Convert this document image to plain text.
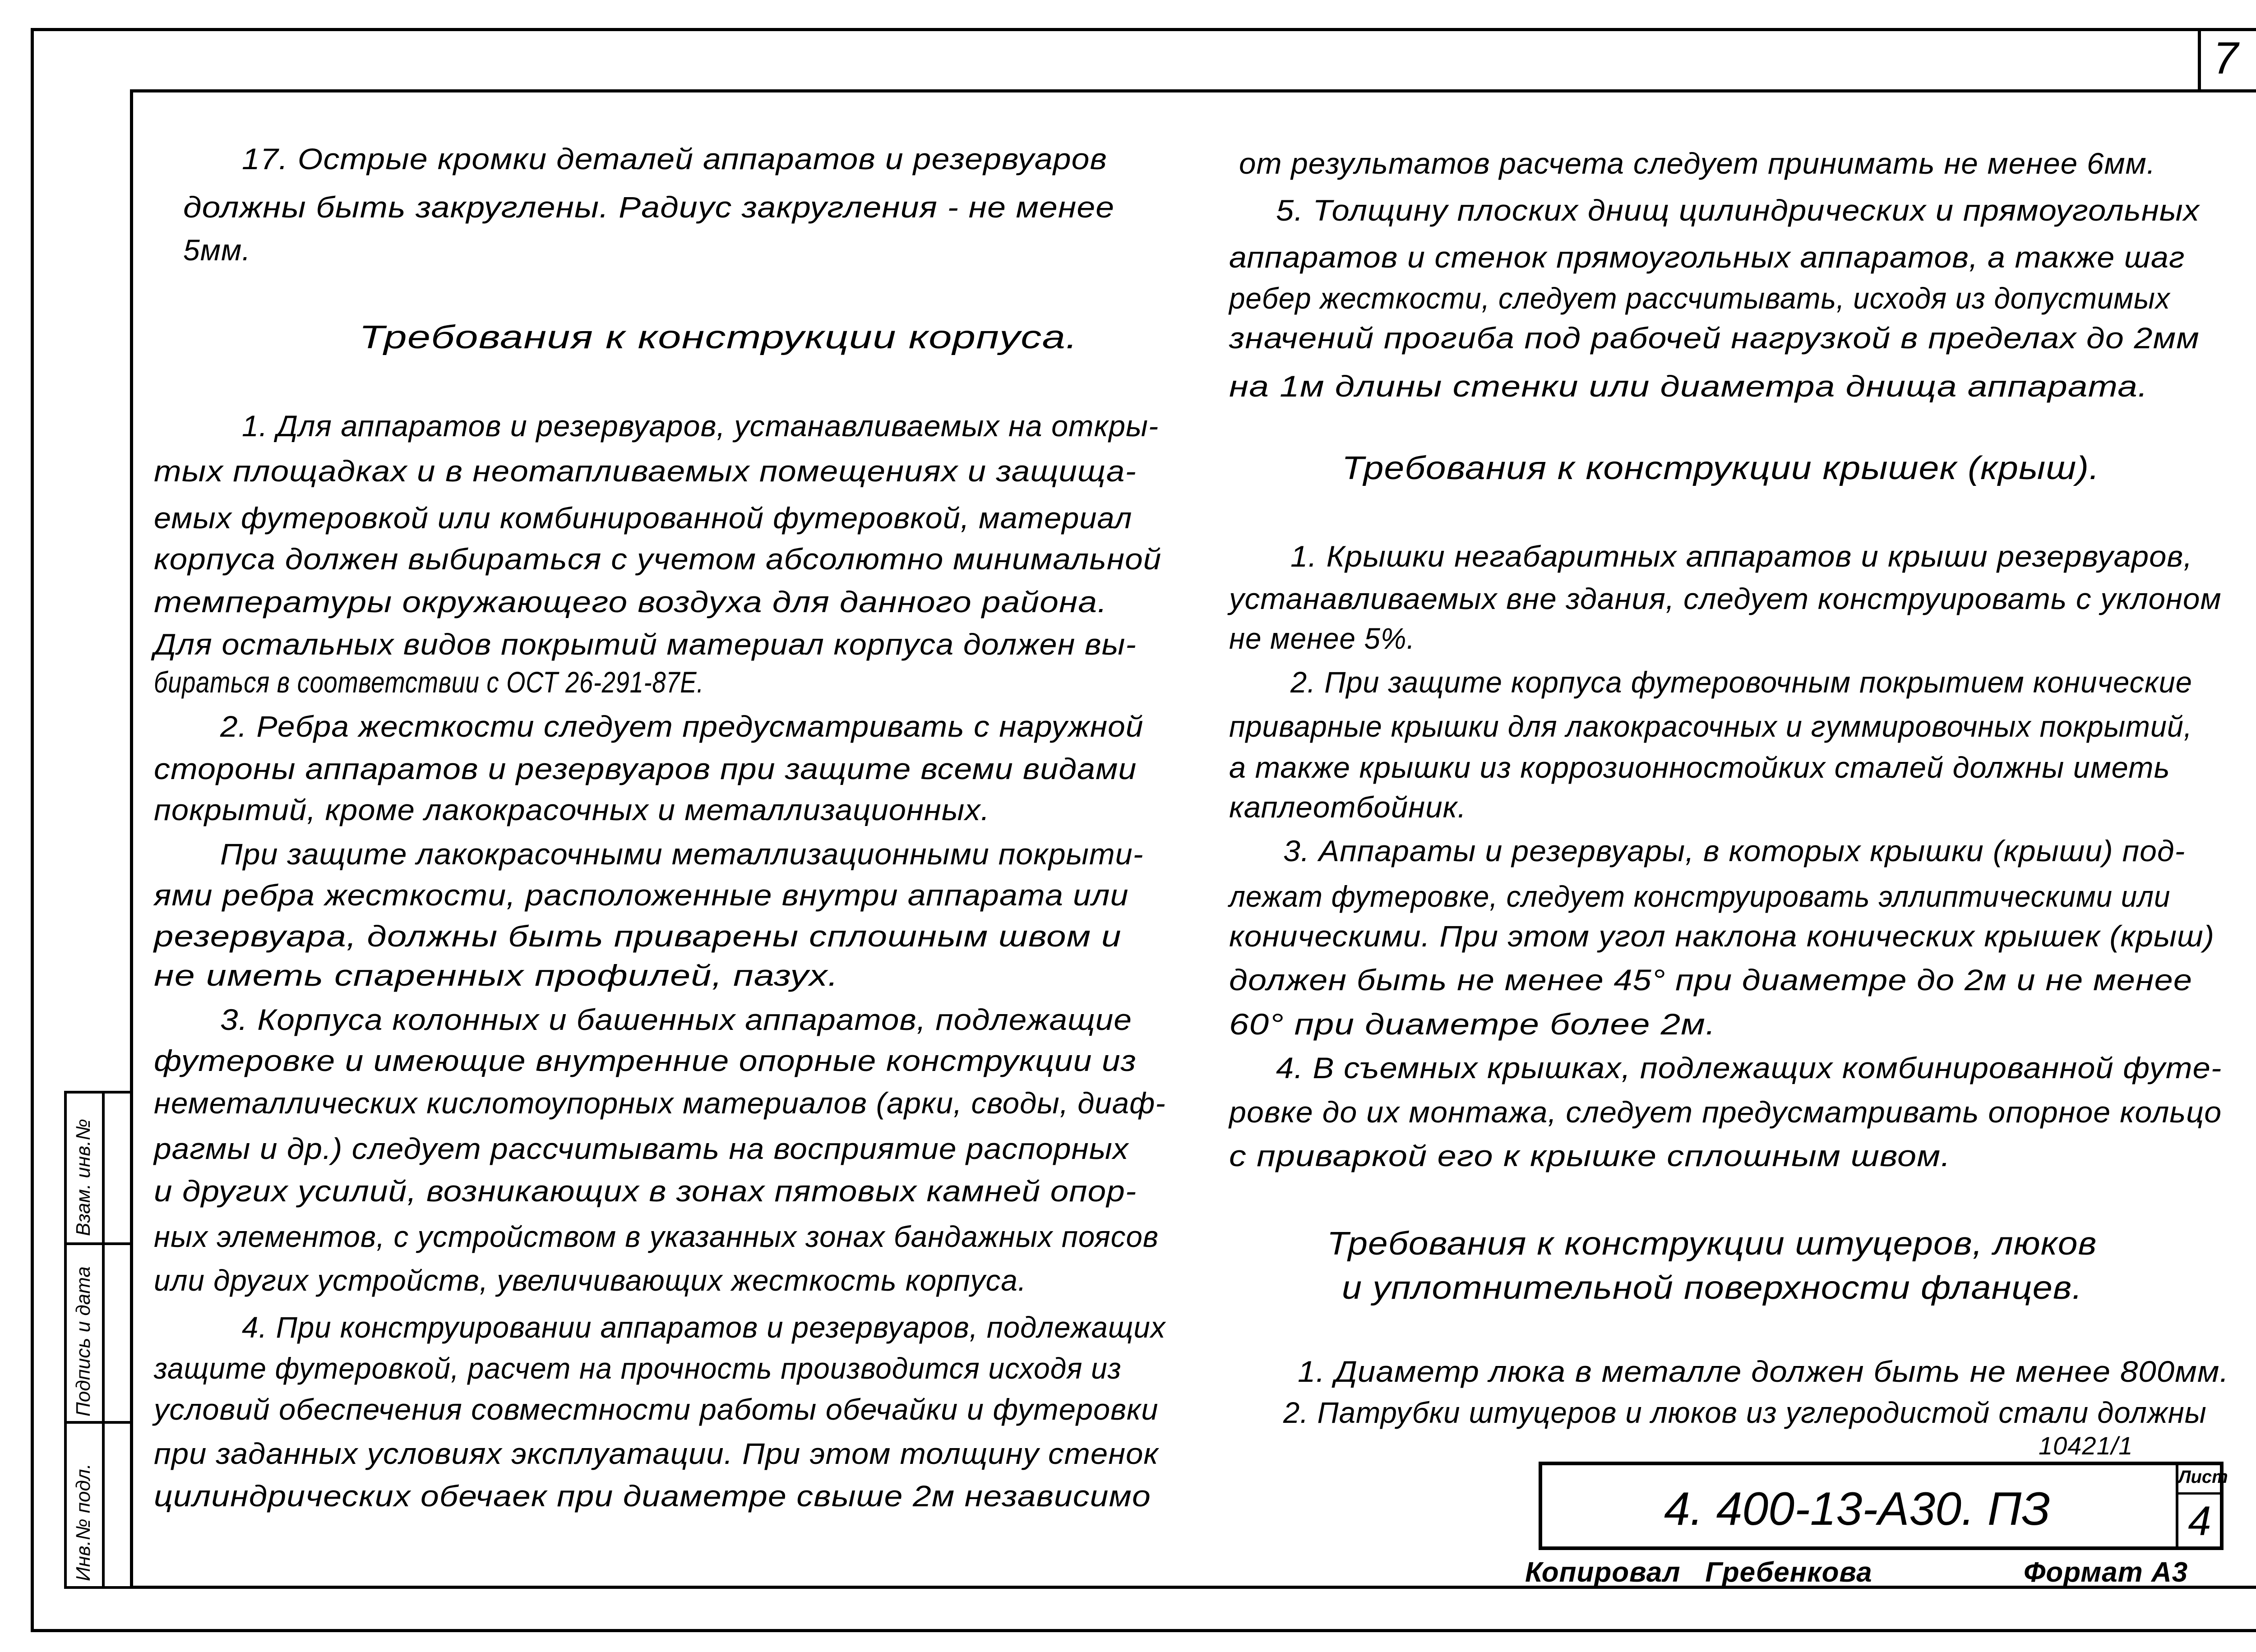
7
Взам. инв.№
Подпись и дата
Инв.№ подл.
17. Острые кромки деталей аппаратов и резервуаров
должны быть закруглены. Радиус закругления - не менее
5мм.
Требования к конструкции корпуса.
1. Для аппаратов и резервуаров, устанавливаемых на откры-
тых площадках и в неотапливаемых помещениях и защища-
емых футеровкой или комбинированной футеровкой, материал
корпуса должен выбираться с учетом абсолютно минимальной
температуры окружающего воздуха для данного района.
Для остальных видов покрытий материал корпуса должен вы-
бираться в соответствии с ОСТ 26-291-87Е.
2. Ребра жесткости следует предусматривать с наружной
стороны аппаратов и резервуаров при защите всеми видами
покрытий, кроме лакокрасочных и металлизационных.
При защите лакокрасочными металлизационными покрыти-
ями ребра жесткости, расположенные внутри аппарата или
резервуара, должны быть приварены сплошным швом и
не иметь спаренных профилей, пазух.
3. Корпуса колонных и башенных аппаратов, подлежащие
футеровке и имеющие внутренние опорные конструкции из
неметаллических кислотоупорных материалов (арки, своды, диаф-
рагмы и др.) следует рассчитывать на восприятие распорных
и других усилий, возникающих в зонах пятовых камней опор-
ных элементов, с устройством в указанных зонах бандажных поясов
или других устройств, увеличивающих жесткость корпуса.
4. При конструировании аппаратов и резервуаров, подлежащих
защите футеровкой, расчет на прочность производится исходя из
условий обеспечения совместности работы обечайки и футеровки
при заданных условиях эксплуатации. При этом толщину стенок
цилиндрических обечаек при диаметре свыше 2м независимо
от результатов расчета следует принимать не менее 6мм.
5. Толщину плоских днищ цилиндрических и прямоугольных
аппаратов и стенок прямоугольных аппаратов, а также шаг
ребер жесткости, следует рассчитывать, исходя из допустимых
значений прогиба под рабочей нагрузкой в пределах до 2мм
на 1м длины стенки или диаметра днища аппарата.
Требования к конструкции крышек (крыш).
1. Крышки негабаритных аппаратов и крыши резервуаров,
устанавливаемых вне здания, следует конструировать с уклоном
не менее 5%.
2. При защите корпуса футеровочным покрытием конические
приварные крышки для лакокрасочных и гуммировочных покрытий,
а также крышки из коррозионностойких сталей должны иметь
каплеотбойник.
3. Аппараты и резервуары, в которых крышки (крыши) под-
лежат футеровке, следует конструировать эллиптическими или
коническими. При этом угол наклона конических крышек (крыш)
должен быть не менее 45° при диаметре до 2м и не менее
60° при диаметре более 2м.
4. В съемных крышках, подлежащих комбинированной футе-
ровке до их монтажа, следует предусматривать опорное кольцо
с приваркой его к крышке сплошным швом.
Требования к конструкции штуцеров, люков
и уплотнительной поверхности фланцев.
1. Диаметр люка в металле должен быть не менее 800мм.
2. Патрубки штуцеров и люков из углеродистой стали должны
10421/1
4. 400-13-А30. ПЗ
Лист
4
Копировал   Гребенкова	Формат А3
